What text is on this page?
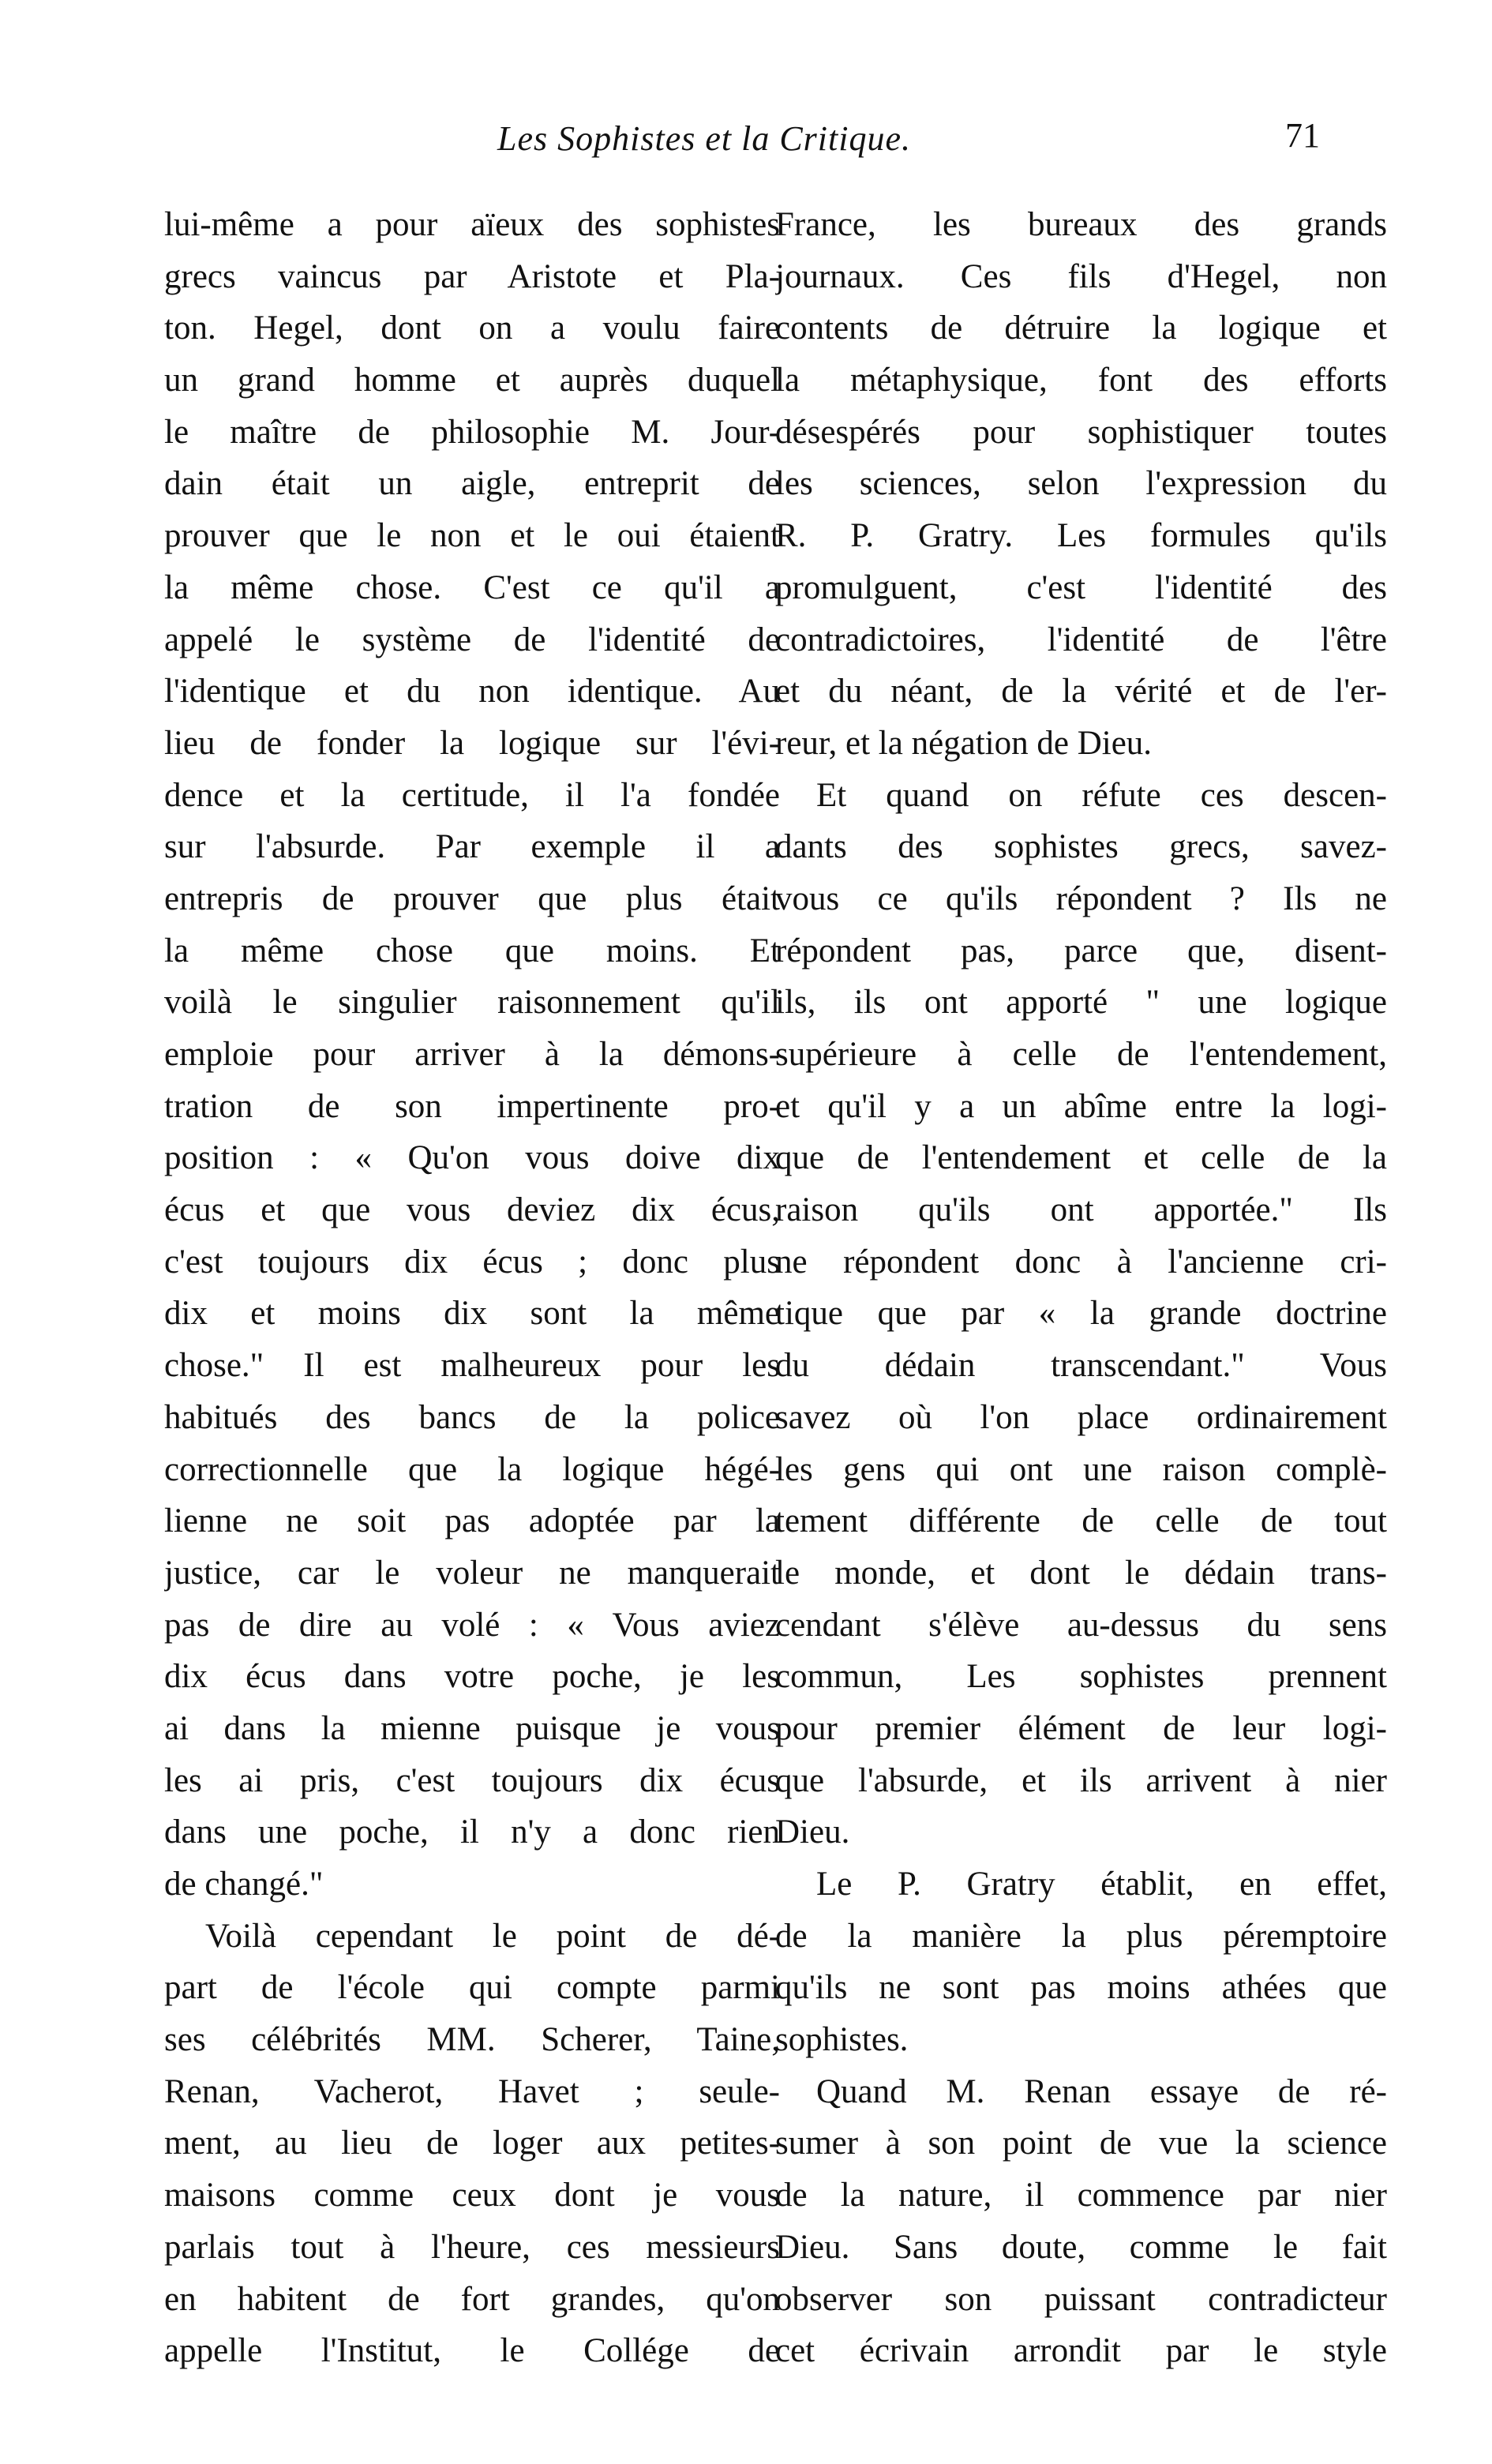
Les Sophistes et la Critique.	71
lui-même a pour aïeux des sophistes
grecs vaincus par Aristote et Pla-
ton. Hegel, dont on a voulu faire
un grand homme et auprès duquel
le maître de philosophie M. Jour-
dain était un aigle, entreprit de
prouver que le non et le oui étaient
la même chose. C'est ce qu'il a
appelé le système de l'identité de
l'identique et du non identique. Au
lieu de fonder la logique sur l'évi-
dence et la certitude, il l'a fondée
sur l'absurde. Par exemple il a
entrepris de prouver que plus était
la même chose que moins. Et
voilà le singulier raisonnement qu'il
emploie pour arriver à la démons-
tration de son impertinente pro-
position : « Qu'on vous doive dix
écus et que vous deviez dix écus,
c'est toujours dix écus ; donc plus
dix et moins dix sont la même
chose." Il est malheureux pour les
habitués des bancs de la police
correctionnelle que la logique hégé-
lienne ne soit pas adoptée par la
justice, car le voleur ne manquerait
pas de dire au volé : « Vous aviez
dix écus dans votre poche, je les
ai dans la mienne puisque je vous
les ai pris, c'est toujours dix écus
dans une poche, il n'y a donc rien
de changé."
Voilà cependant le point de dé-
part de l'école qui compte parmi
ses célébrités MM. Scherer, Taine,
Renan, Vacherot, Havet ; seule-
ment, au lieu de loger aux petites-
maisons comme ceux dont je vous
parlais tout à l'heure, ces messieurs
en habitent de fort grandes, qu'on
appelle l'Institut, le Collége de
France, les bureaux des grands
journaux. Ces fils d'Hegel, non
contents de détruire la logique et
la métaphysique, font des efforts
désespérés pour sophistiquer toutes
les sciences, selon l'expression du
R. P. Gratry. Les formules qu'ils
promulguent, c'est l'identité des
contradictoires, l'identité de l'être
et du néant, de la vérité et de l'er-
reur, et la négation de Dieu.
Et quand on réfute ces descen-
dants des sophistes grecs, savez-
vous ce qu'ils répondent ? Ils ne
répondent pas, parce que, disent-
ils, ils ont apporté " une logique
supérieure à celle de l'entendement,
et qu'il y a un abîme entre la logi-
que de l'entendement et celle de la
raison qu'ils ont apportée." Ils
ne répondent donc à l'ancienne cri-
tique que par « la grande doctrine
du dédain transcendant." Vous
savez où l'on place ordinairement
les gens qui ont une raison complè-
tement différente de celle de tout
le monde, et dont le dédain trans-
cendant s'élève au-dessus du sens
commun, Les sophistes prennent
pour premier élément de leur logi-
que l'absurde, et ils arrivent à nier
Dieu.
Le P. Gratry établit, en effet,
de la manière la plus péremptoire
qu'ils ne sont pas moins athées que
sophistes.
Quand M. Renan essaye de ré-
sumer à son point de vue la science
de la nature, il commence par nier
Dieu. Sans doute, comme le fait
observer son puissant contradicteur
cet écrivain arrondit par le style
